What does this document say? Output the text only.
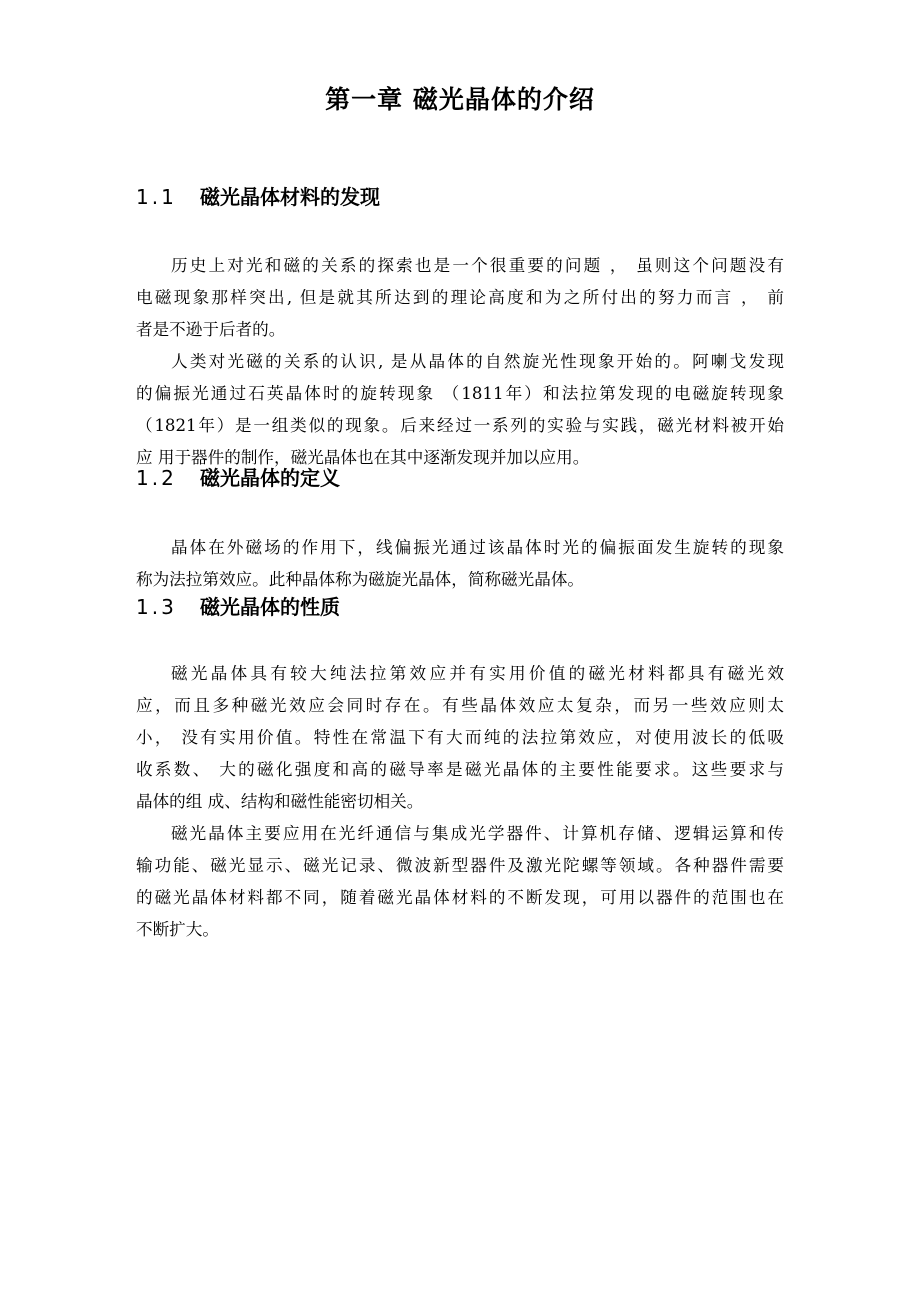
第一章 磁光晶体的介绍
1.1 磁光晶体材料的发现
历史上对光和磁的关系的探索也是一个很重要的问题 ， 虽则这个问题没有
电磁现象那样突出, 但是就其所达到的理论高度和为之所付出的努力而言 ， 前
者是不逊于后者的。
人类对光磁的关系的认识, 是从晶体的自然旋光性现象开始的。阿喇戈发现
的偏振光通过石英晶体时的旋转现象 （1811年）和法拉第发现的电磁旋转现象
（1821年）是一组类似的现象。后来经过一系列的实验与实践，磁光材料被开始
应 用于器件的制作，磁光晶体也在其中逐渐发现并加以应用。
1.2 磁光晶体的定义
晶体在外磁场的作用下，线偏振光通过该晶体时光的偏振面发生旋转的现象
称为法拉第效应。此种晶体称为磁旋光晶体，简称磁光晶体。
1.3 磁光晶体的性质
磁光晶体具有较大纯法拉第效应并有实用价值的磁光材料都具有磁光效
应，而且多种磁光效应会同时存在。有些晶体效应太复杂，而另一些效应则太
小， 没有实用价值。特性在常温下有大而纯的法拉第效应，对使用波长的低吸
收系数、 大的磁化强度和高的磁导率是磁光晶体的主要性能要求。这些要求与
晶体的组 成、结构和磁性能密切相关。
磁光晶体主要应用在光纤通信与集成光学器件、计算机存储、逻辑运算和传
输功能、磁光显示、磁光记录、微波新型器件及激光陀螺等领域。各种器件需要
的磁光晶体材料都不同，随着磁光晶体材料的不断发现，可用以器件的范围也在
不断扩大。
